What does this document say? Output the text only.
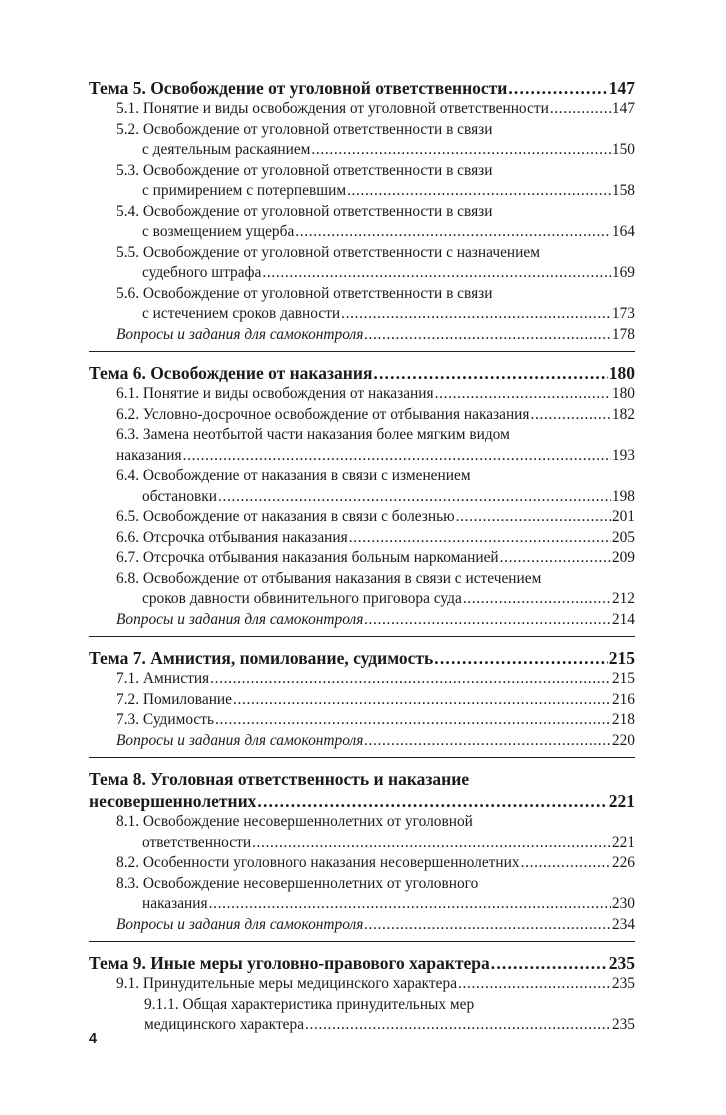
Тема 5. Освобождение от уголовной ответственности . . .	147
5.1. Понятие и виды освобождения от уголовной ответственности . . .	147
5.2. Освобождение от уголовной ответственности в связи
с деятельным раскаянием . . .	150
5.3. Освобождение от уголовной ответственности в связи
с примирением с потерпевшим . . .	158
5.4. Освобождение от уголовной ответственности в связи
с возмещением ущерба . . .	164
5.5. Освобождение от уголовной ответственности с назначением
судебного штрафа . . .	169
5.6. Освобождение от уголовной ответственности в связи
с истечением сроков давности . . .	173
Вопросы и задания для самоконтроля . . .	178
Тема 6. Освобождение от наказания . . .	180
6.1. Понятие и виды освобождения от наказания . . .	180
6.2. Условно-досрочное освобождение от отбывания наказания . . .	182
6.3. Замена неотбытой части наказания более мягким видом
наказания . . .	193
6.4. Освобождение от наказания в связи с изменением
обстановки . . .	198
6.5. Освобождение от наказания в связи с болезнью . . .	201
6.6. Отсрочка отбывания наказания . . .	205
6.7. Отсрочка отбывания наказания больным наркоманией . . .	209
6.8. Освобождение от отбывания наказания в связи с истечением
сроков давности обвинительного приговора суда . . .	212
Вопросы и задания для самоконтроля . . .	214
Тема 7. Амнистия, помилование, судимость . . .	215
7.1. Амнистия . . .	215
7.2. Помилование . . .	216
7.3. Судимость . . .	218
Вопросы и задания для самоконтроля . . .	220
Тема 8. Уголовная ответственность и наказание
несовершеннолетних . . .	221
8.1. Освобождение несовершеннолетних от уголовной
ответственности . . .	221
8.2. Особенности уголовного наказания несовершеннолетних . . .	226
8.3. Освобождение несовершеннолетних от уголовного
наказания . . .	230
Вопросы и задания для самоконтроля . . .	234
Тема 9. Иные меры уголовно-правового характера . . .	235
9.1. Принудительные меры медицинского характера . . .	235
9.1.1. Общая характеристика принудительных мер
медицинского характера . . .	235
4
